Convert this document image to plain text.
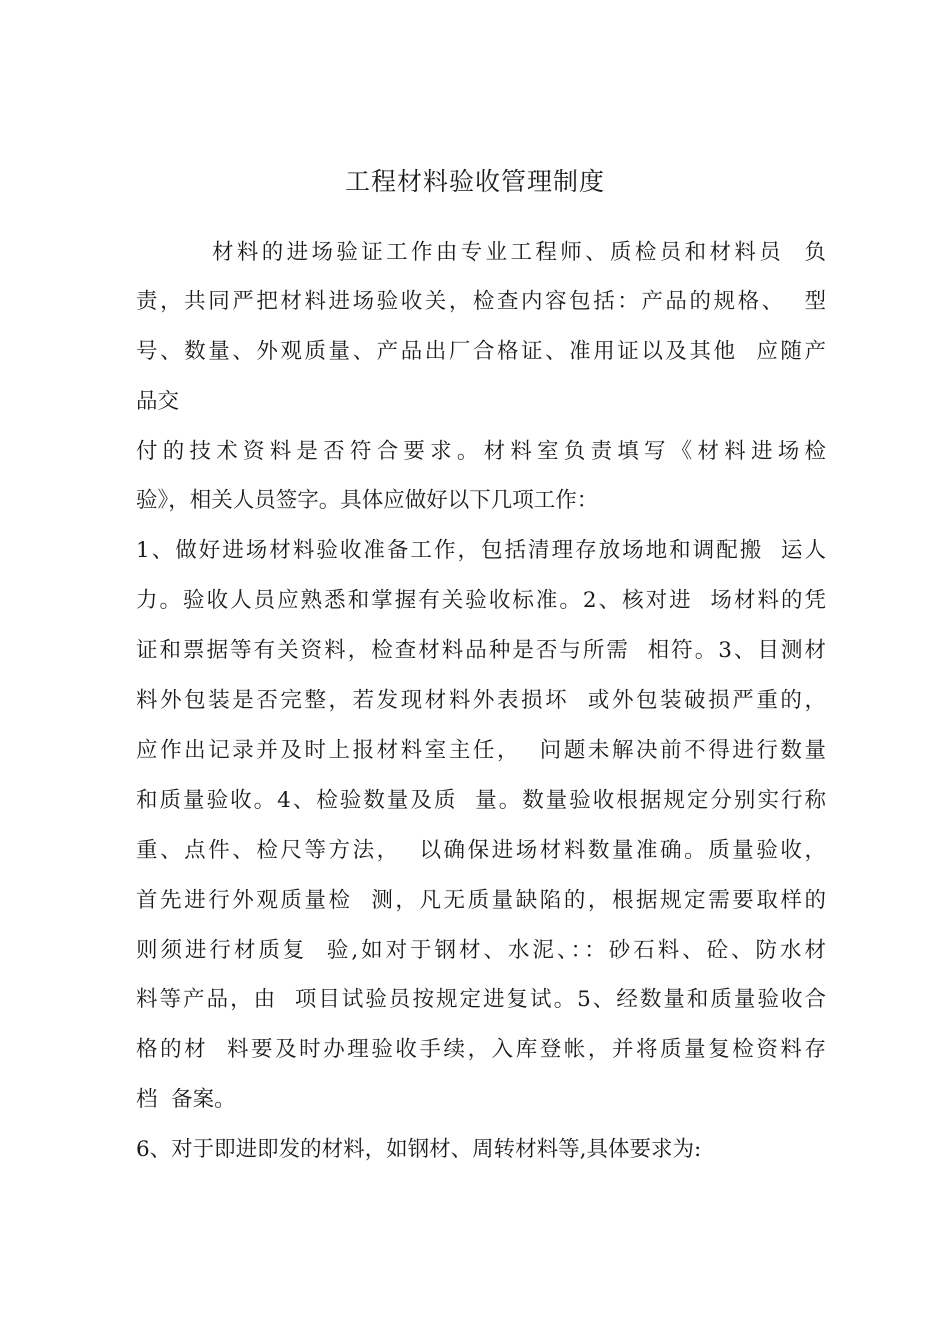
工程材料验收管理制度
材料的进场验证工作由专业工程师、质检员和材料员  负
责，共同严把材料进场验收关，检查内容包括：产品的规格、  型
号、数量、外观质量、产品出厂合格证、准用证以及其他  应随产
品交
付的技术资料是否符合要求。材料室负责填写《材料进场检
验》，相关人员签字。具体应做好以下几项工作：
1、做好进场材料验收准备工作，包括清理存放场地和调配搬  运人
力。验收人员应熟悉和掌握有关验收标准。2、核对进  场材料的凭
证和票据等有关资料，检查材料品种是否与所需  相符。3、目测材
料外包装是否完整，若发现材料外表损坏  或外包装破损严重的，
应作出记录并及时上报材料室主任，  问题未解决前不得进行数量
和质量验收。4、检验数量及质  量。数量验收根据规定分别实行称
重、点件、检尺等方法，  以确保进场材料数量准确。质量验收，
首先进行外观质量检  测，凡无质量缺陷的，根据规定需要取样的
则须进行材质复  验,如对于钢材、水泥、：：砂石料、砼、防水材
料等产品，由  项目试验员按规定进复试。5、经数量和质量验收合
格的材  料要及时办理验收手续，入库登帐，并将质量复检资料存
档  备案。
6、对于即进即发的材料，如钢材、周转材料等,具体要求为:
